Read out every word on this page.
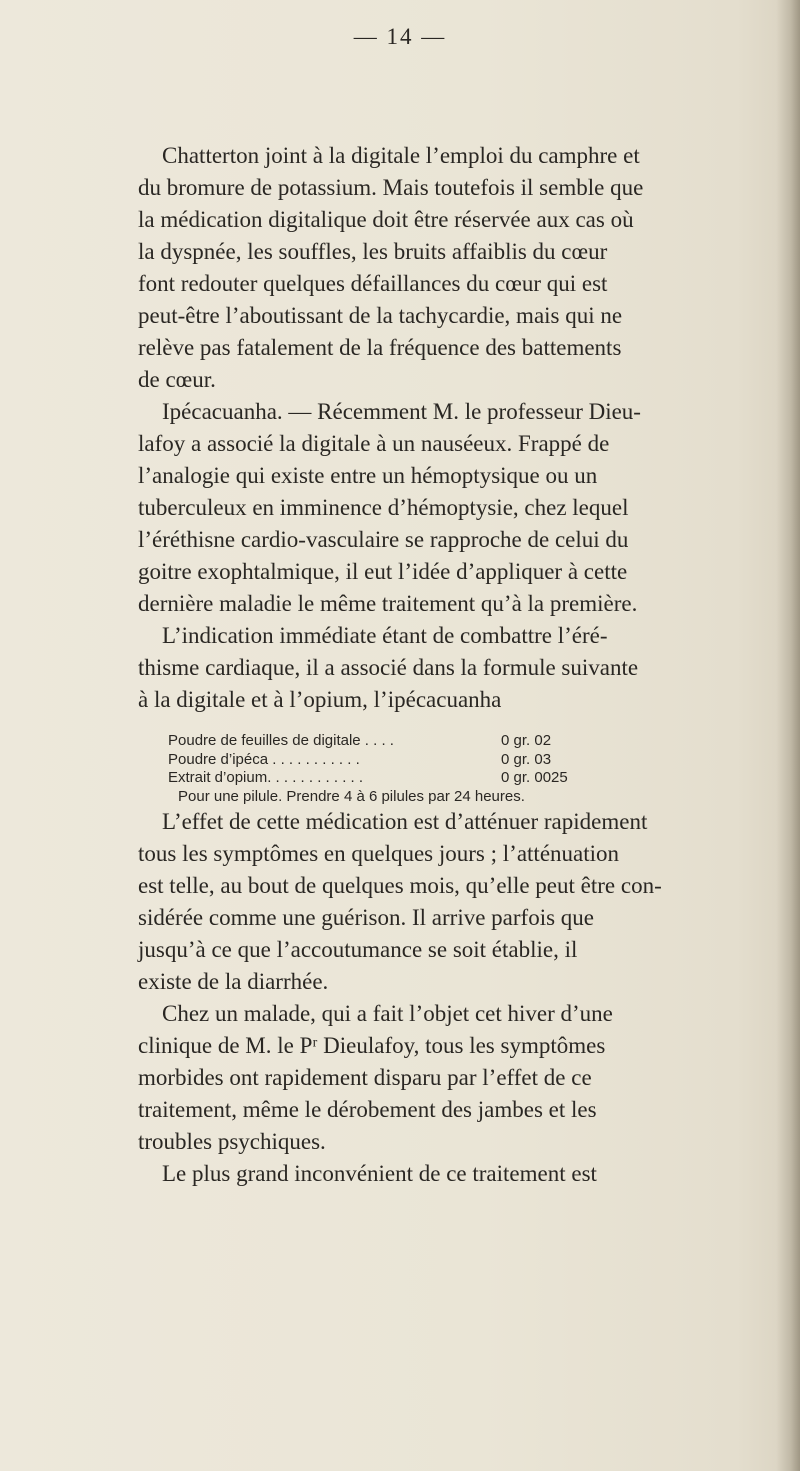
— 14 —
Chatterton joint à la digitale l’emploi du camphre et
du bromure de potassium. Mais toutefois il semble que
la médication digitalique doit être réservée aux cas où
la dyspnée, les souffles, les bruits affaiblis du cœur
font redouter quelques défaillances du cœur qui est
peut-être l’aboutissant de la tachycardie, mais qui ne
relève pas fatalement de la fréquence des battements
de cœur.
Ipécacuanha. — Récemment M. le professeur Dieu-
lafoy a associé la digitale à un nauséeux. Frappé de
l’analogie qui existe entre un hémoptysique ou un
tuberculeux en imminence d’hémoptysie, chez lequel
l’éréthisne cardio-vasculaire se rapproche de celui du
goitre exophtalmique, il eut l’idée d’appliquer à cette
dernière maladie le même traitement qu’à la première.
L’indication immédiate étant de combattre l’éré-
thisme cardiaque, il a associé dans la formule suivante
à la digitale et à l’opium, l’ipécacuanha
Poudre de feuilles de digitale . . . .	0 gr. 02
Poudre d’ipéca . . . . . . . . . . .	0 gr. 03
Extrait d’opium. . . . . . . . . . . .	0 gr. 0025
Pour une pilule. Prendre 4 à 6 pilules par 24 heures.
L’effet de cette médication est d’atténuer rapidement
tous les symptômes en quelques jours ; l’atténuation
est telle, au bout de quelques mois, qu’elle peut être con-
sidérée comme une guérison. Il arrive parfois que
jusqu’à ce que l’accoutumance se soit établie, il
existe de la diarrhée.
Chez un malade, qui a fait l’objet cet hiver d’une
clinique de M. le Pʳ Dieulafoy, tous les symptômes
morbides ont rapidement disparu par l’effet de ce
traitement, même le dérobement des jambes et les
troubles psychiques.
Le plus grand inconvénient de ce traitement est
